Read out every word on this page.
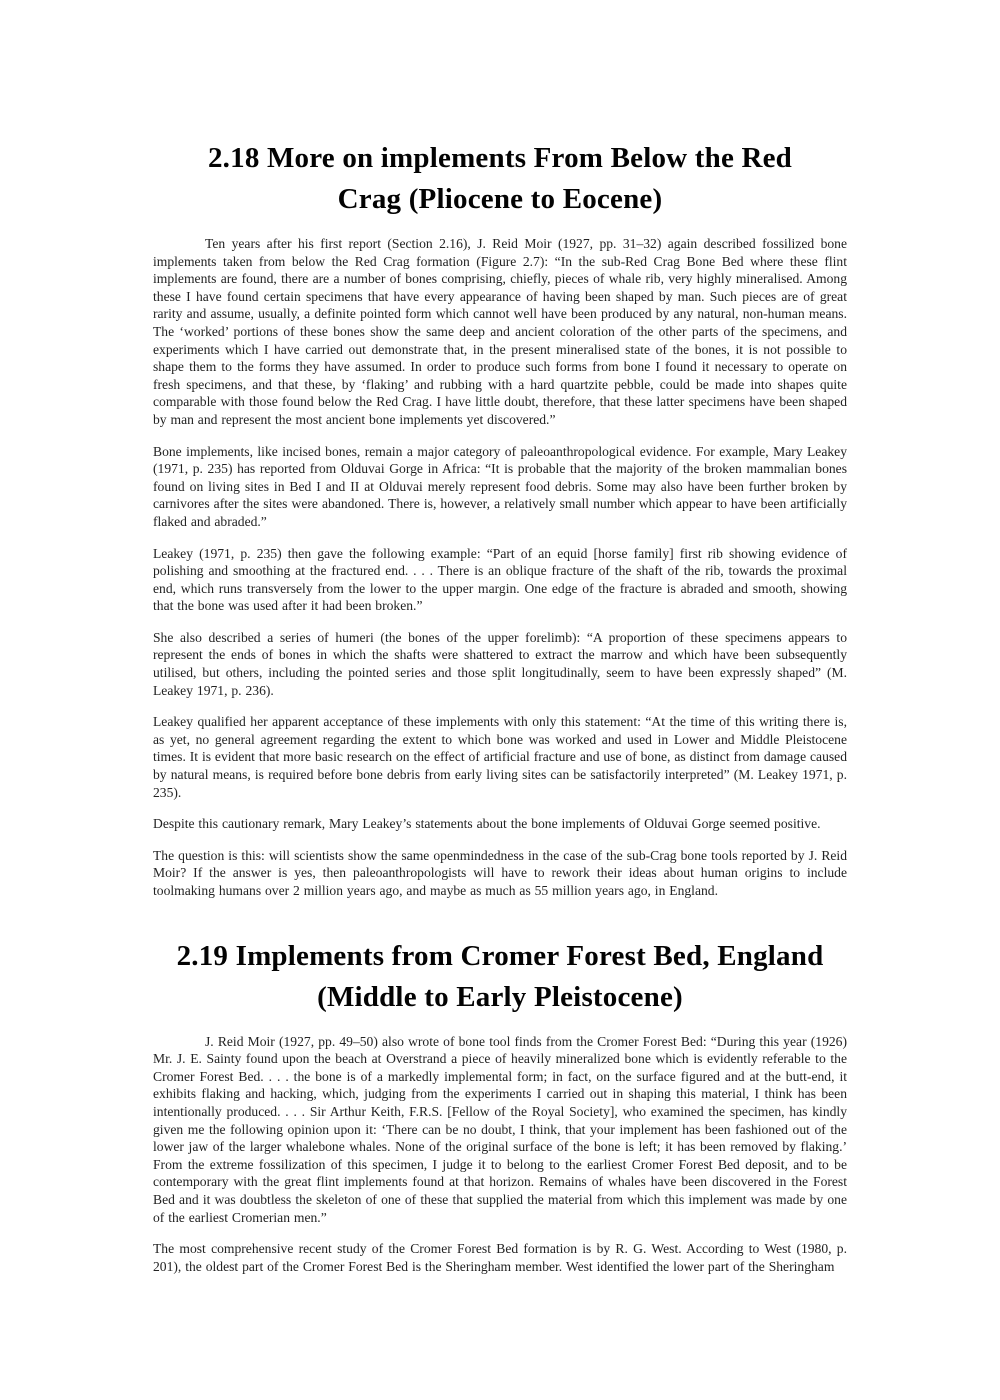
2.18 More on implements From Below the Red Crag (Pliocene to Eocene)

Ten years after his first report (Section 2.16), J. Reid Moir (1927, pp. 31–32) again described fossilized bone implements taken from below the Red Crag formation (Figure 2.7): “In the sub-Red Crag Bone Bed where these flint implements are found, there are a number of bones comprising, chiefly, pieces of whale rib, very highly mineralised. Among these I have found certain specimens that have every appearance of having been shaped by man. Such pieces are of great rarity and assume, usually, a definite pointed form which cannot well have been produced by any natural, non-human means. The ‘worked’ portions of these bones show the same deep and ancient coloration of the other parts of the specimens, and experiments which I have carried out demonstrate that, in the present mineralised state of the bones, it is not possible to shape them to the forms they have assumed. In order to produce such forms from bone I found it necessary to operate on fresh specimens, and that these, by ‘flaking’ and rubbing with a hard quartzite pebble, could be made into shapes quite comparable with those found below the Red Crag. I have little doubt, therefore, that these latter specimens have been shaped by man and represent the most ancient bone implements yet discovered.”

Bone implements, like incised bones, remain a major category of paleoanthropological evidence. For example, Mary Leakey (1971, p. 235) has reported from Olduvai Gorge in Africa: “It is probable that the majority of the broken mammalian bones found on living sites in Bed I and II at Olduvai merely represent food debris. Some may also have been further broken by carnivores after the sites were abandoned. There is, however, a relatively small number which appear to have been artificially flaked and abraded.”

Leakey (1971, p. 235) then gave the following example: “Part of an equid [horse family] first rib showing evidence of polishing and smoothing at the fractured end. . . . There is an oblique fracture of the shaft of the rib, towards the proximal end, which runs transversely from the lower to the upper margin. One edge of the fracture is abraded and smooth, showing that the bone was used after it had been broken.”

She also described a series of humeri (the bones of the upper forelimb): “A proportion of these specimens appears to represent the ends of bones in which the shafts were shattered to extract the marrow and which have been subsequently utilised, but others, including the pointed series and those split longitudinally, seem to have been expressly shaped” (M. Leakey 1971, p. 236).

Leakey qualified her apparent acceptance of these implements with only this statement: “At the time of this writing there is, as yet, no general agreement regarding the extent to which bone was worked and used in Lower and Middle Pleistocene times. It is evident that more basic research on the effect of artificial fracture and use of bone, as distinct from damage caused by natural means, is required before bone debris from early living sites can be satisfactorily interpreted” (M. Leakey 1971, p. 235).

Despite this cautionary remark, Mary Leakey’s statements about the bone implements of Olduvai Gorge seemed positive.

The question is this: will scientists show the same openmindedness in the case of the sub-Crag bone tools reported by J. Reid Moir? If the answer is yes, then paleoanthropologists will have to rework their ideas about human origins to include toolmaking humans over 2 million years ago, and maybe as much as 55 million years ago, in England.

2.19 Implements from Cromer Forest Bed, England (Middle to Early Pleistocene)

J. Reid Moir (1927, pp. 49–50) also wrote of bone tool finds from the Cromer Forest Bed: “During this year (1926) Mr. J. E. Sainty found upon the beach at Overstrand a piece of heavily mineralized bone which is evidently referable to the Cromer Forest Bed. . . . the bone is of a markedly implemental form; in fact, on the surface figured and at the butt-end, it exhibits flaking and hacking, which, judging from the experiments I carried out in shaping this material, I think has been intentionally produced. . . . Sir Arthur Keith, F.R.S. [Fellow of the Royal Society], who examined the specimen, has kindly given me the following opinion upon it: ‘There can be no doubt, I think, that your implement has been fashioned out of the lower jaw of the larger whalebone whales. None of the original surface of the bone is left; it has been removed by flaking.’ From the extreme fossilization of this specimen, I judge it to belong to the earliest Cromer Forest Bed deposit, and to be contemporary with the great flint implements found at that horizon. Remains of whales have been discovered in the Forest Bed and it was doubtless the skeleton of one of these that supplied the material from which this implement was made by one of the earliest Cromerian men.”

The most comprehensive recent study of the Cromer Forest Bed formation is by R. G. West. According to West (1980, p. 201), the oldest part of the Cromer Forest Bed is the Sheringham member. West identified the lower part of the Sheringham
